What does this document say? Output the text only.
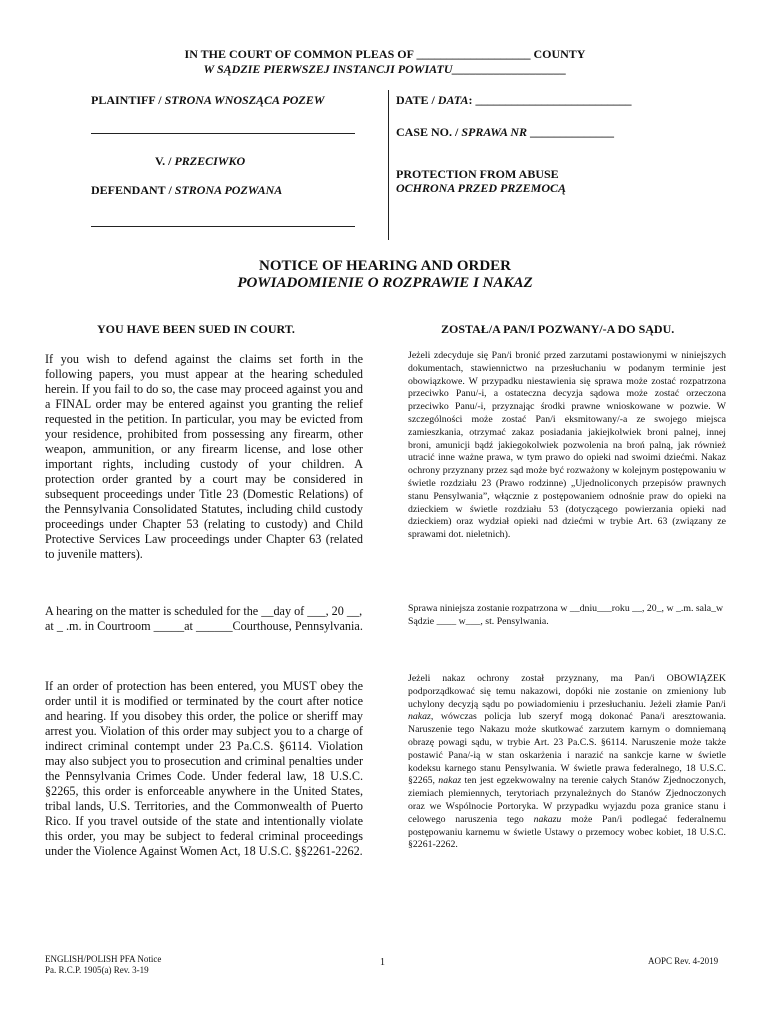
IN THE COURT OF COMMON PLEAS OF ___________________ COUNTY
W SĄDZIE PIERWSZEJ INSTANCJI POWIATU___________________
PLAINTIFF / STRONA WNOSZĄCA POZEW
V. / PRZECIWKO
DEFENDANT / STRONA POZWANA
DATE / DATA: __________________________
CASE NO. / SPRAWA NR ______________
PROTECTION FROM ABUSE
OCHRONA PRZED PRZEMOCĄ
NOTICE OF HEARING AND ORDER
POWIADOMIENIE O ROZPRAWIE I NAKAZ
YOU HAVE BEEN SUED IN COURT.	ZOSTAŁ/A PAN/I POZWANY/-A DO SĄDU.
If you wish to defend against the claims set forth in the following papers, you must appear at the hearing scheduled herein. If you fail to do so, the case may proceed against you and a FINAL order may be entered against you granting the relief requested in the petition. In particular, you may be evicted from your residence, prohibited from possessing any firearm, other weapon, ammunition, or any firearm license, and lose other important rights, including custody of your children. A protection order granted by a court may be considered in subsequent proceedings under Title 23 (Domestic Relations) of the Pennsylvania Consolidated Statutes, including child custody proceedings under Chapter 53 (relating to custody) and Child Protective Services Law proceedings under Chapter 63 (related to juvenile matters).
Jeżeli zdecyduje się Pan/i bronić przed zarzutami postawionymi w niniejszych dokumentach, stawiennictwo na przesłuchaniu w podanym terminie jest obowiązkowe. W przypadku niestawienia się sprawa może zostać rozpatrzona przeciwko Panu/-i, a ostateczna decyzja sądowa może zostać orzeczona przeciwko Panu/-i, przyznając środki prawne wnioskowane w pozwie. W szczególności może zostać Pan/i eksmitowany/-a ze swojego miejsca zamieszkania, otrzymać zakaz posiadania jakiejkolwiek broni palnej, innej broni, amunicji bądź jakiegokolwiek pozwolenia na broń palną, jak również utracić inne ważne prawa, w tym prawo do opieki nad swoimi dziećmi. Nakaz ochrony przyznany przez sąd może być rozważony w kolejnym postępowaniu w świetle rozdziału 23 (Prawo rodzinne) „Ujednoliconych przepisów prawnych stanu Pensylwania”, włącznie z postępowaniem odnośnie praw do opieki na dzieckiem w świetle rozdziału 53 (dotyczącego powierzania opieki nad dzieckiem) oraz wydział opieki nad dziećmi w trybie Art. 63 (związany ze sprawami dot. nieletnich).
A hearing on the matter is scheduled for the __day of ___, 20 __, at _ .m. in Courtroom _____at ______Courthouse, Pennsylvania.
Sprawa niniejsza zostanie rozpatrzona w __dniu___roku __, 20_, w _.m. sala_w Sądzie ____ w___, st. Pensylwania.
If an order of protection has been entered, you MUST obey the order until it is modified or terminated by the court after notice and hearing. If you disobey this order, the police or sheriff may arrest you. Violation of this order may subject you to a charge of indirect criminal contempt under 23 Pa.C.S. §6114. Violation may also subject you to prosecution and criminal penalties under the Pennsylvania Crimes Code. Under federal law, 18 U.S.C. §2265, this order is enforceable anywhere in the United States, tribal lands, U.S. Territories, and the Commonwealth of Puerto Rico. If you travel outside of the state and intentionally violate this order, you may be subject to federal criminal proceedings under the Violence Against Women Act, 18 U.S.C. §§2261-2262.
Jeżeli nakaz ochrony został przyznany, ma Pan/i OBOWIĄZEK podporządkować się temu nakazowi, dopóki nie zostanie on zmieniony lub uchylony decyzją sądu po powiadomieniu i przesłuchaniu. Jeżeli złamie Pan/i nakaz, wówczas policja lub szeryf mogą dokonać Pana/i aresztowania. Naruszenie tego Nakazu może skutkować zarzutem karnym o domniemaną obrazę powagi sądu, w trybie Art. 23 Pa.C.S. §6114. Naruszenie może także postawić Pana/-ią w stan oskarżenia i narazić na sankcje karne w świetle kodeksu karnego stanu Pensylwania. W świetle prawa federalnego, 18 U.S.C. §2265, nakaz ten jest egzekwowalny na terenie całych Stanów Zjednoczonych, ziemiach plemiennych, terytoriach przynależnych do Stanów Zjednoczonych oraz we Wspólnocie Portoryka. W przypadku wyjazdu poza granice stanu i celowego naruszenia tego nakazu może Pan/i podlegać federalnemu postępowaniu karnemu w świetle Ustawy o przemocy wobec kobiet, 18 U.S.C. §2261-2262.
ENGLISH/POLISH PFA Notice
Pa. R.C.P. 1905(a) Rev. 3-19
1	AOPC Rev. 4-2019
